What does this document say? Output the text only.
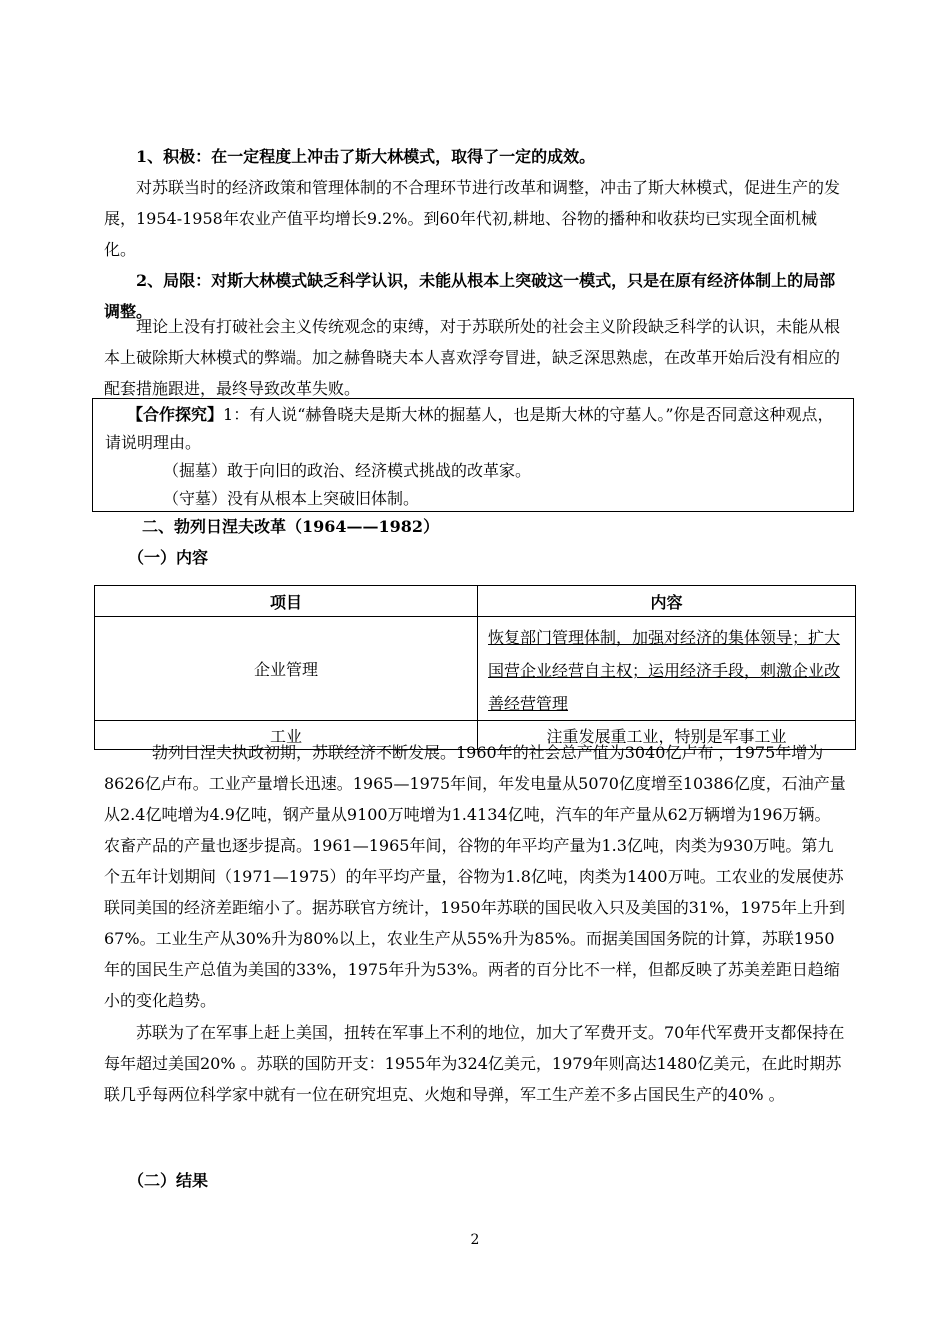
1、积极：在一定程度上冲击了斯大林模式，取得了一定的成效。
对苏联当时的经济政策和管理体制的不合理环节进行改革和调整，冲击了斯大林模式，促进生产的发展，1954-1958年农业产值平均增长9.2%。到60年代初,耕地、谷物的播种和收获均已实现全面机械化。
2、局限：对斯大林模式缺乏科学认识，未能从根本上突破这一模式，只是在原有经济体制上的局部调整。
理论上没有打破社会主义传统观念的束缚，对于苏联所处的社会主义阶段缺乏科学的认识，未能从根本上破除斯大林模式的弊端。加之赫鲁晓夫本人喜欢浮夸冒进，缺乏深思熟虑，在改革开始后没有相应的配套措施跟进，最终导致改革失败。
【合作探究】1：有人说“赫鲁晓夫是斯大林的掘墓人，也是斯大林的守墓人。”你是否同意这种观点，请说明理由。
（掘墓）敢于向旧的政治、经济模式挑战的改革家。
（守墓）没有从根本上突破旧体制。
二、勃列日涅夫改革（1964——1982）
（一）内容
项目	内容
企业管理	恢复部门管理体制，加强对经济的集体领导；扩大国营企业经营自主权；运用经济手段，刺激企业改善经营管理
工业	注重发展重工业，特别是军事工业
勃列日涅夫执政初期，苏联经济不断发展。1960年的社会总产值为3040亿卢布 ，1975年增为8626亿卢布。工业产量增长迅速。1965—1975年间，年发电量从5070亿度增至10386亿度，石油产量从2.4亿吨增为4.9亿吨，钢产量从9100万吨增为1.4134亿吨，汽车的年产量从62万辆增为196万辆。农畜产品的产量也逐步提高。1961—1965年间，谷物的年平均产量为1.3亿吨，肉类为930万吨。第九个五年计划期间（1971—1975）的年平均产量，谷物为1.8亿吨，肉类为1400万吨。工农业的发展使苏联同美国的经济差距缩小了。据苏联官方统计，1950年苏联的国民收入只及美国的31%，1975年上升到67%。工业生产从30%升为80%以上，农业生产从55%升为85%。而据美国国务院的计算，苏联1950年的国民生产总值为美国的33%，1975年升为53%。两者的百分比不一样，但都反映了苏美差距日趋缩小的变化趋势。
苏联为了在军事上赶上美国，扭转在军事上不利的地位，加大了军费开支。70年代军费开支都保持在每年超过美国20% 。苏联的国防开支：1955年为324亿美元，1979年则高达1480亿美元，在此时期苏联几乎每两位科学家中就有一位在研究坦克、火炮和导弹，军工生产差不多占国民生产的40% 。
（二）结果
2
